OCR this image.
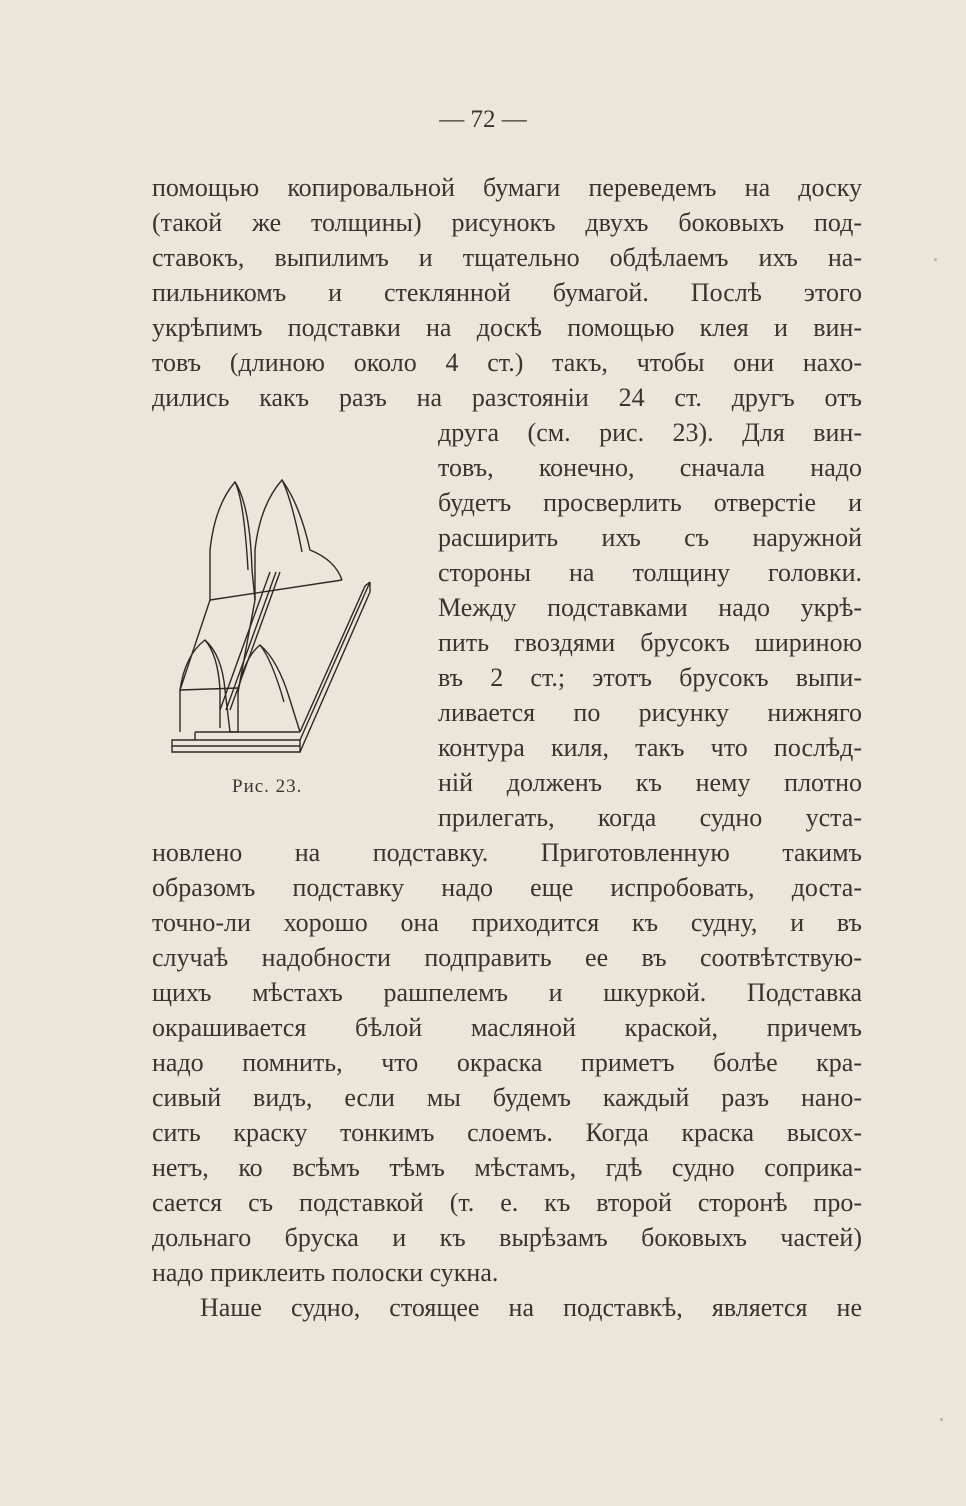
— 72 —
помощью копировальной бумаги переведемъ на доску
(такой же толщины) рисунокъ двухъ боковыхъ под-
ставокъ, выпилимъ и тщательно обдѣлаемъ ихъ на-
пильникомъ и стеклянной бумагой. Послѣ этого
укрѣпимъ подставки на доскѣ помощью клея и вин-
товъ (длиною около 4 ст.) такъ, чтобы они нахо-
дились какъ разъ на разстояніи 24 ст. другъ отъ
друга (см. рис. 23). Для вин-
товъ, конечно, сначала надо
будетъ просверлить отверстіе и
расширить ихъ съ наружной
стороны на толщину головки.
Между подставками надо укрѣ-
пить гвоздями брусокъ шириною
въ 2 ст.; этотъ брусокъ выпи-
ливается по рисунку нижняго
контура киля, такъ что послѣд-
ній долженъ къ нему плотно
прилегать, когда судно уста-
Рис. 23.
новлено на подставку. Приготовленную такимъ
образомъ подставку надо еще испробовать, доста-
точно-ли хорошо она приходится къ судну, и въ
случаѣ надобности подправить ее въ соотвѣтствую-
щихъ мѣстахъ рашпелемъ и шкуркой. Подставка
окрашивается бѣлой масляной краской, причемъ
надо помнить, что окраска приметъ болѣе кра-
сивый видъ, если мы будемъ каждый разъ нано-
сить краску тонкимъ слоемъ. Когда краска высох-
нетъ, ко всѣмъ тѣмъ мѣстамъ, гдѣ судно соприка-
сается съ подставкой (т. е. къ второй сторонѣ про-
дольнаго бруска и къ вырѣзамъ боковыхъ частей)
надо приклеить полоски сукна.
Наше судно, стоящее на подставкѣ, является не
